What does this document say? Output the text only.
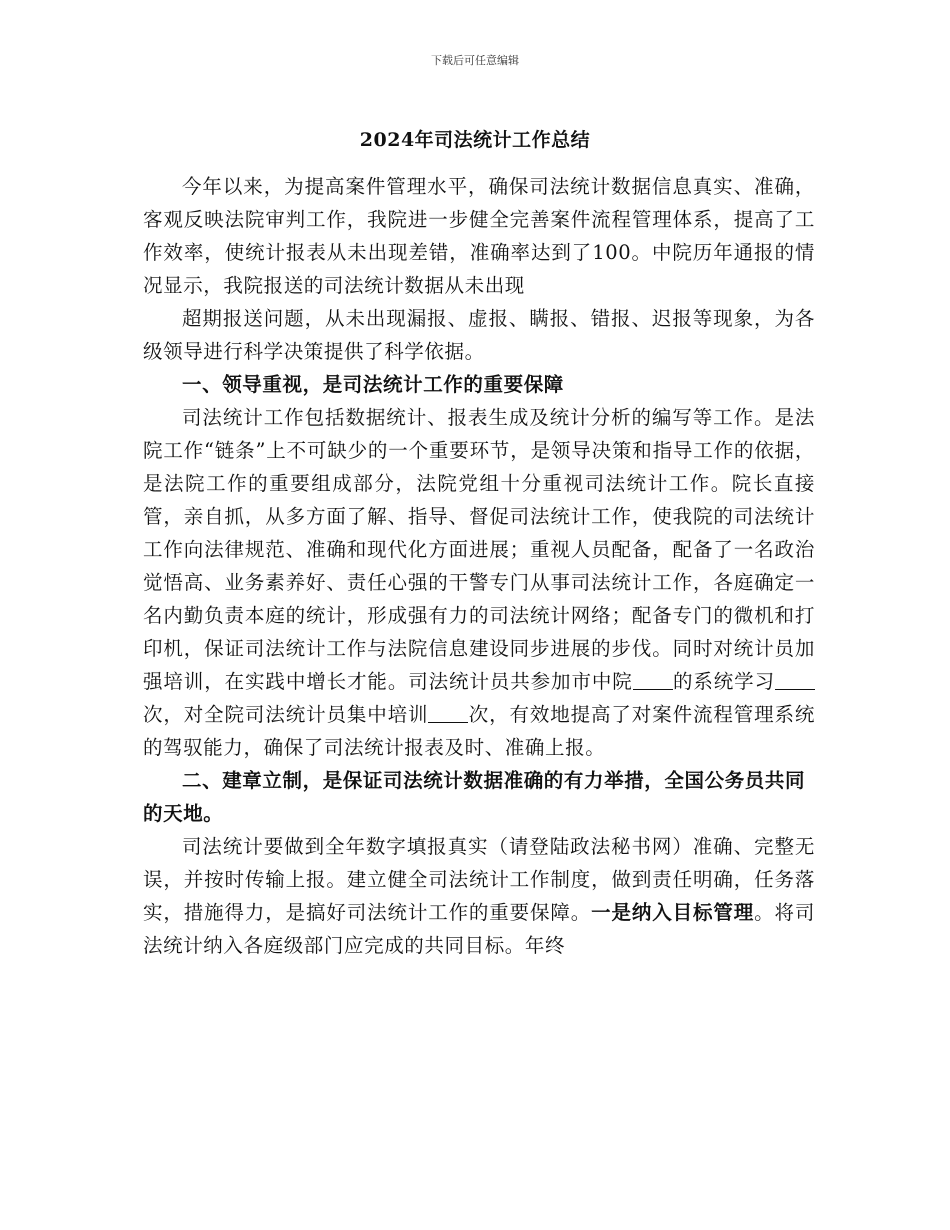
下载后可任意编辑
2024年司法统计工作总结

今年以来，为提高案件管理水平，确保司法统计数据信息真实、准确，客观反映法院审判工作，我院进一步健全完善案件流程管理体系，提高了工作效率，使统计报表从未出现差错，准确率达到了100。中院历年通报的情况显示，我院报送的司法统计数据从未出现

超期报送问题，从未出现漏报、虚报、瞒报、错报、迟报等现象，为各级领导进行科学决策提供了科学依据。

一、领导重视，是司法统计工作的重要保障

司法统计工作包括数据统计、报表生成及统计分析的编写等工作。是法院工作“链条”上不可缺少的一个重要环节，是领导决策和指导工作的依据，是法院工作的重要组成部分，法院党组十分重视司法统计工作。院长直接管，亲自抓，从多方面了解、指导、督促司法统计工作，使我院的司法统计工作向法律规范、准确和现代化方面进展；重视人员配备，配备了一名政治觉悟高、业务素养好、责任心强的干警专门从事司法统计工作，各庭确定一名内勤负责本庭的统计，形成强有力的司法统计网络；配备专门的微机和打印机，保证司法统计工作与法院信息建设同步进展的步伐。同时对统计员加强培训，在实践中增长才能。司法统计员共参加市中院 的系统学习次，对全院司法统计员集中培训 次，有效地提高了对案件流程管理系统的驾驭能力，确保了司法统计报表及时、准确上报。

二、建章立制，是保证司法统计数据准确的有力举措，全国公务员共同的天地。

司法统计要做到全年数字填报真实（请登陆政法秘书网）准确、完整无误，并按时传输上报。建立健全司法统计工作制度，做到责任明确，任务落实，措施得力，是搞好司法统计工作的重要保障。一是纳入目标管理。将司法统计纳入各庭级部门应完成的共同目标。年终
